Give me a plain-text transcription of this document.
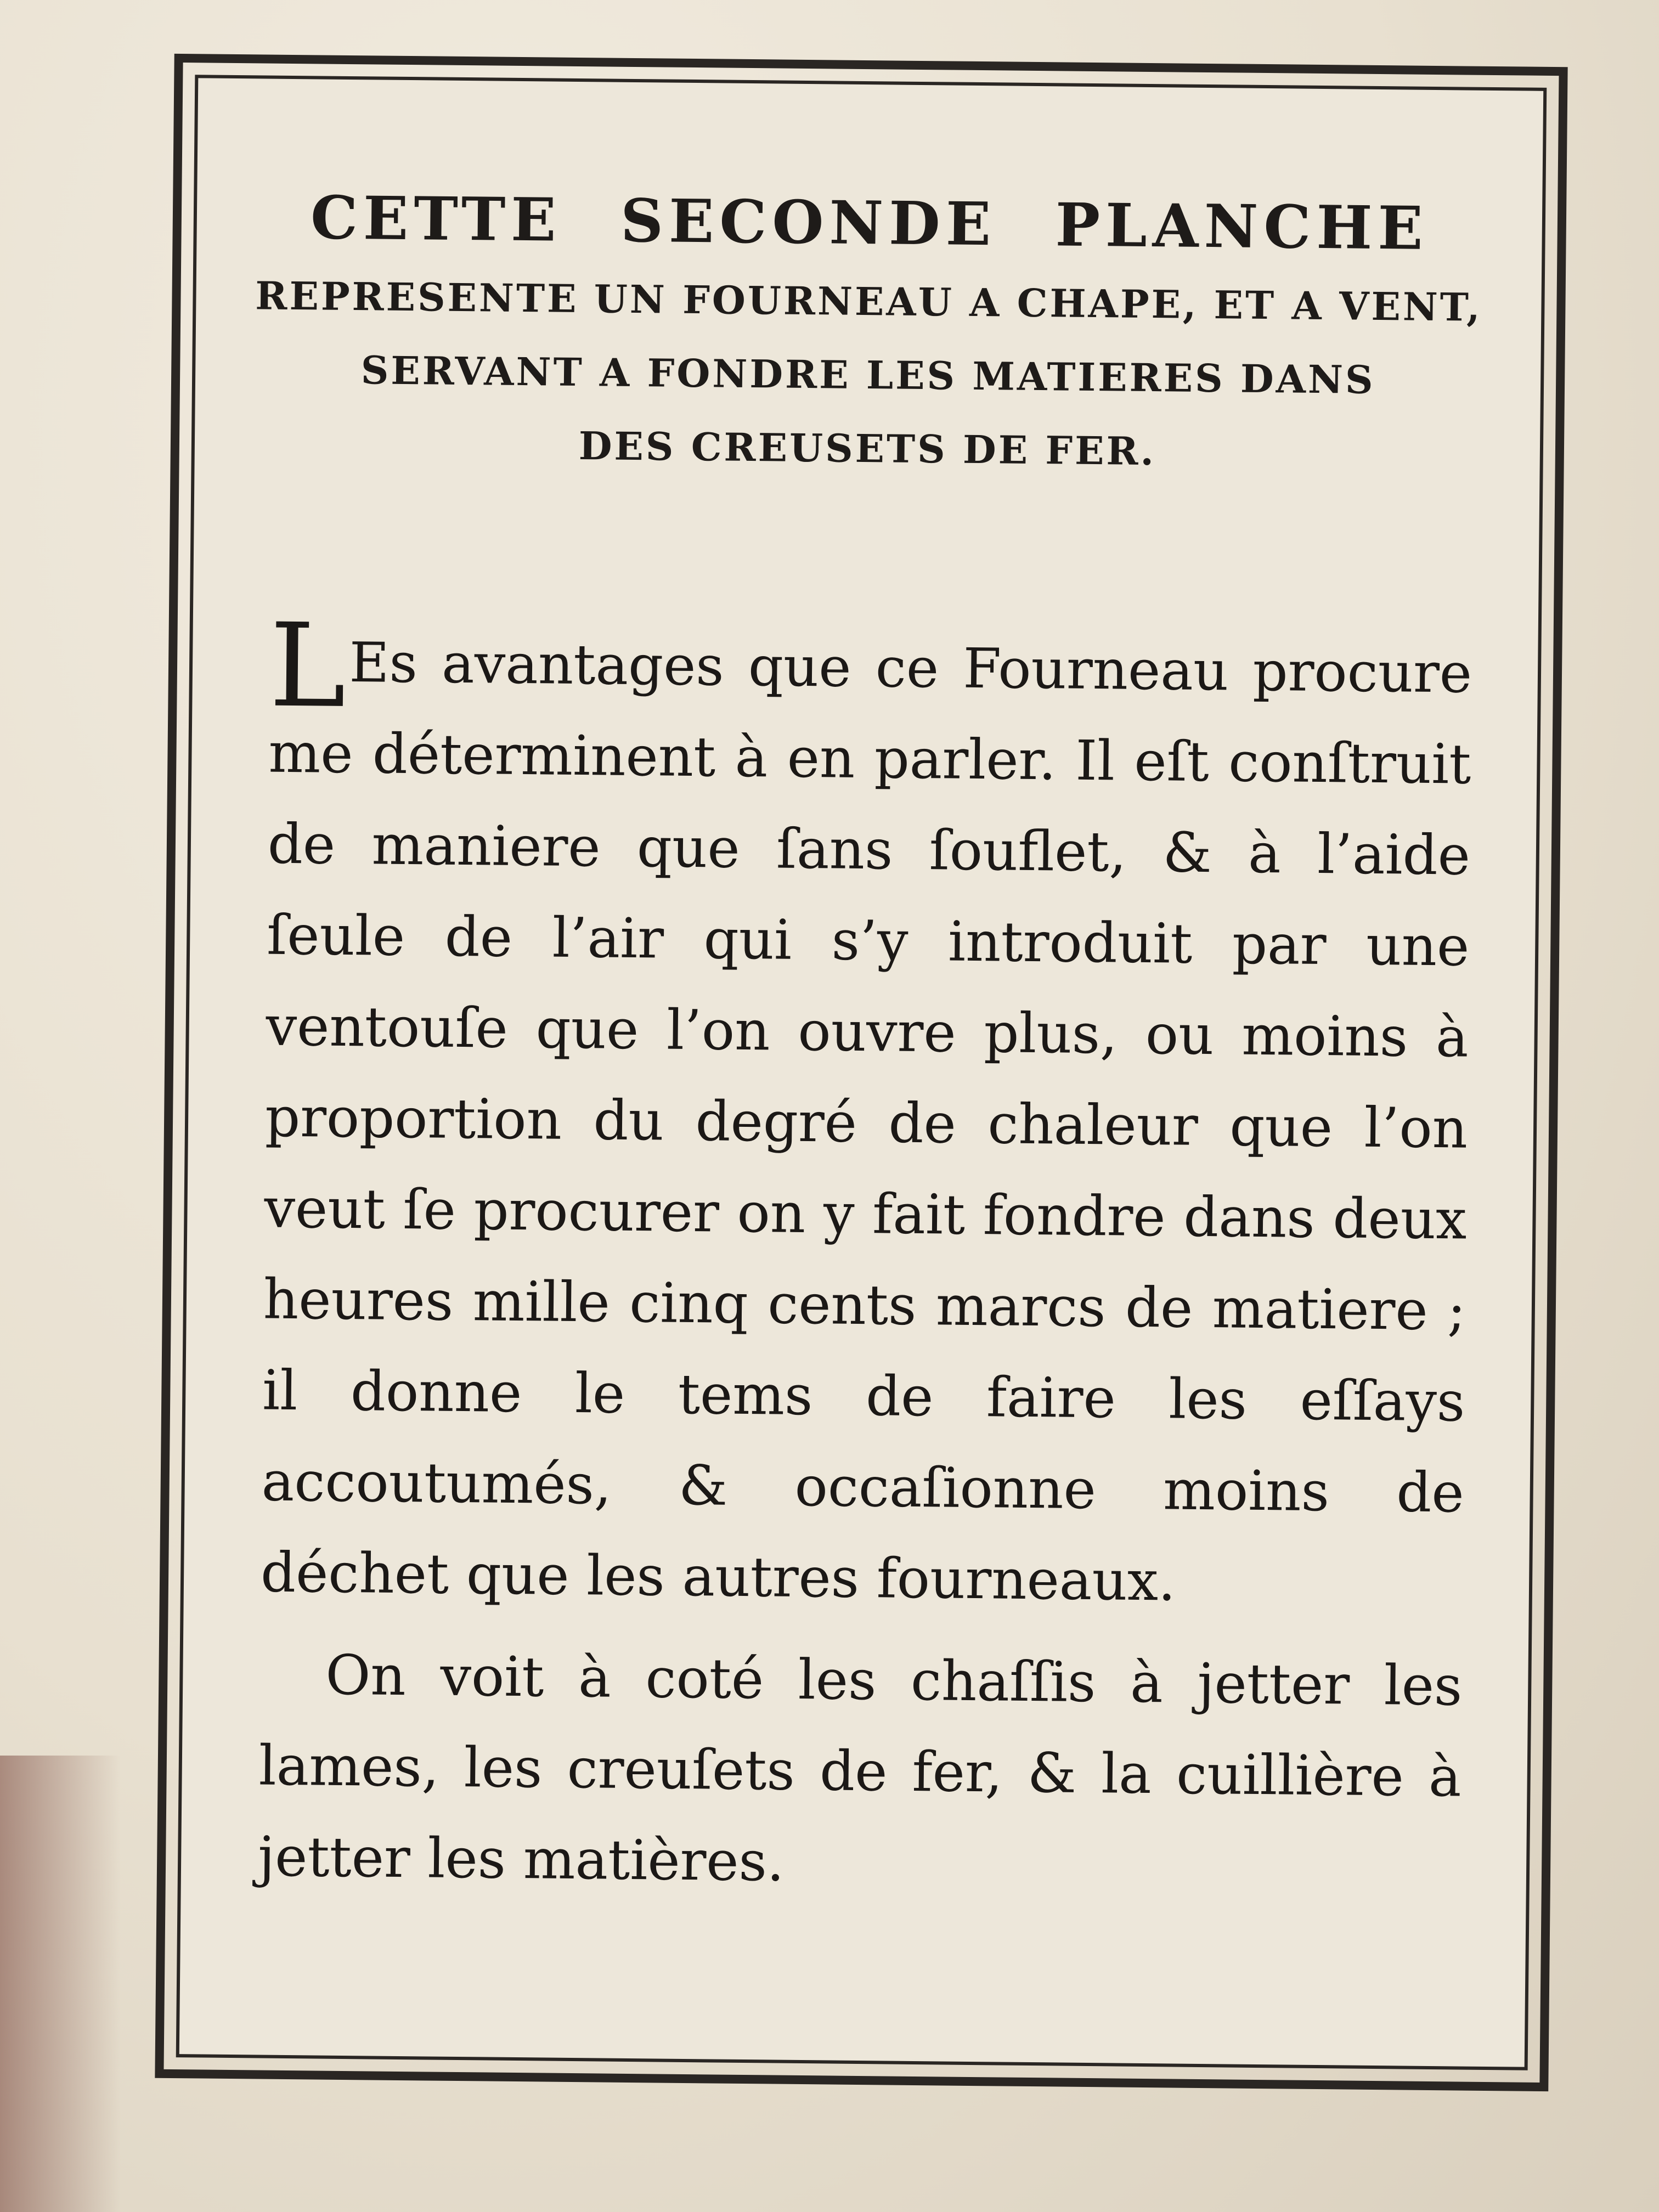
CETTE SECONDE PLANCHE
REPRESENTE UN FOURNEAU A CHAPE, ET A VENT,
SERVANT A FONDRE LES MATIERES DANS
DES CREUSETS DE FER.

L Es avantages que ce Fourneau procure me déterminent à en parler. Il eſt conſtruit de maniere que ſans ſouflet, & à l’aide ſeule de l’air qui s’y introduit par une ventouſe que l’on ouvre plus, ou moins à proportion du degré de chaleur que l’on veut ſe procurer on y fait fondre dans deux heures mille cinq cents marcs de matiere ; il donne le tems de faire les eſſays accoutumés, & occaſionne moins de déchet que les autres fourneaux.

On voit à coté les chaſſis à jetter les lames, les creuſets de fer, & la cuillière à jetter les matières.
